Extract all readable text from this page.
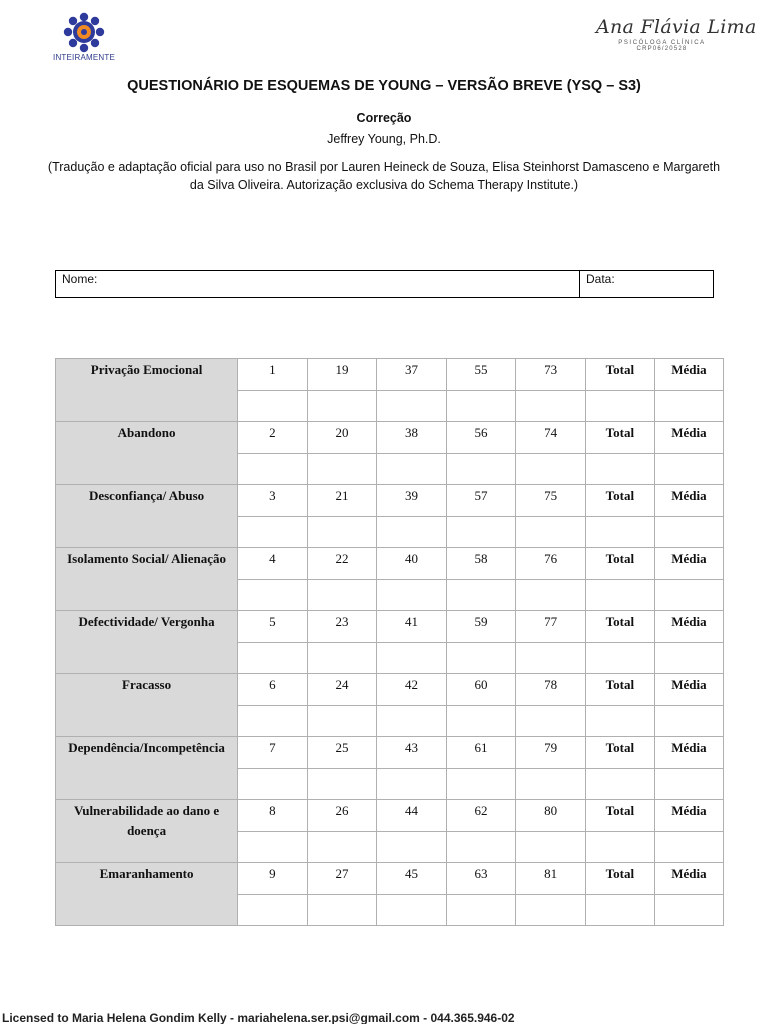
INTEIRAMENTE
Ana Flávia Lima
PSICÓLOGA CLÍNICA
CRP06/20528
QUESTIONÁRIO DE ESQUEMAS DE YOUNG – VERSÃO BREVE (YSQ – S3)
Correção
Jeffrey Young, Ph.D.
(Tradução e adaptação oficial para uso no Brasil por Lauren Heineck de Souza, Elisa Steinhorst Damasceno e Margareth da Silva Oliveira. Autorização exclusiva do Schema Therapy Institute.)
Nome:	Data:
Privação Emocional	1	19	37	55	73	Total	Média

Abandono	2	20	38	56	74	Total	Média

Desconfiança/ Abuso	3	21	39	57	75	Total	Média

Isolamento Social/ Alienação	4	22	40	58	76	Total	Média

Defectividade/ Vergonha	5	23	41	59	77	Total	Média

Fracasso	6	24	42	60	78	Total	Média

Dependência/Incompetência	7	25	43	61	79	Total	Média

Vulnerabilidade ao dano e doença	8	26	44	62	80	Total	Média

Emaranhamento	9	27	45	63	81	Total	Média

Licensed to Maria Helena Gondim Kelly - mariahelena.ser.psi@gmail.com - 044.365.946-02
